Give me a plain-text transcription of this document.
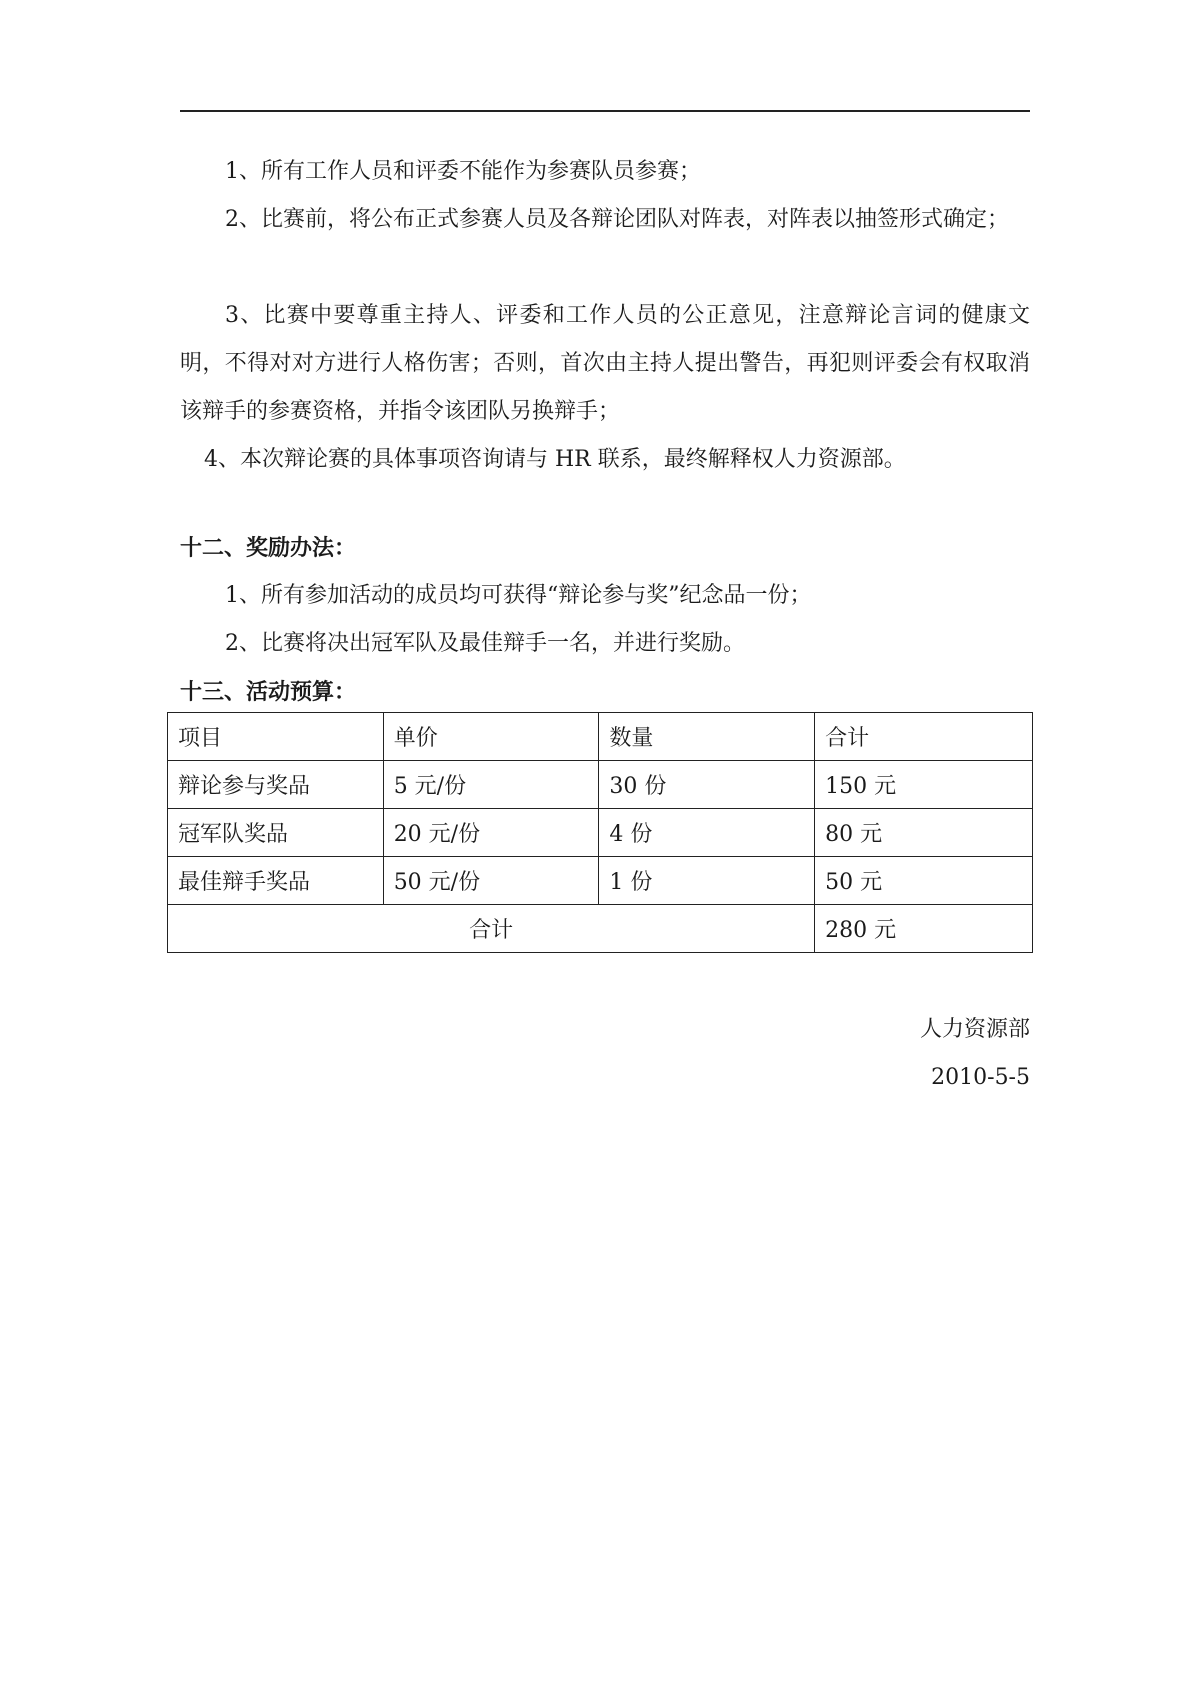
1、所有工作人员和评委不能作为参赛队员参赛；

2、比赛前，将公布正式参赛人员及各辩论团队对阵表，对阵表以抽签形式确定；

3、比赛中要尊重主持人、评委和工作人员的公正意见，注意辩论言词的健康文明，不得对对方进行人格伤害；否则，首次由主持人提出警告，再犯则评委会有权取消该辩手的参赛资格，并指令该团队另换辩手；

4、本次辩论赛的具体事项咨询请与 HR 联系，最终解释权人力资源部。

十二、奖励办法：

1、所有参加活动的成员均可获得“辩论参与奖”纪念品一份；

2、比赛将决出冠军队及最佳辩手一名，并进行奖励。

十三、活动预算：

项目	单价	数量	合计
辩论参与奖品	5 元/份	30 份	150 元
冠军队奖品	20 元/份	4 份	80 元
最佳辩手奖品	50 元/份	1 份	50 元
合计			280 元

人力资源部

2010-5-5
